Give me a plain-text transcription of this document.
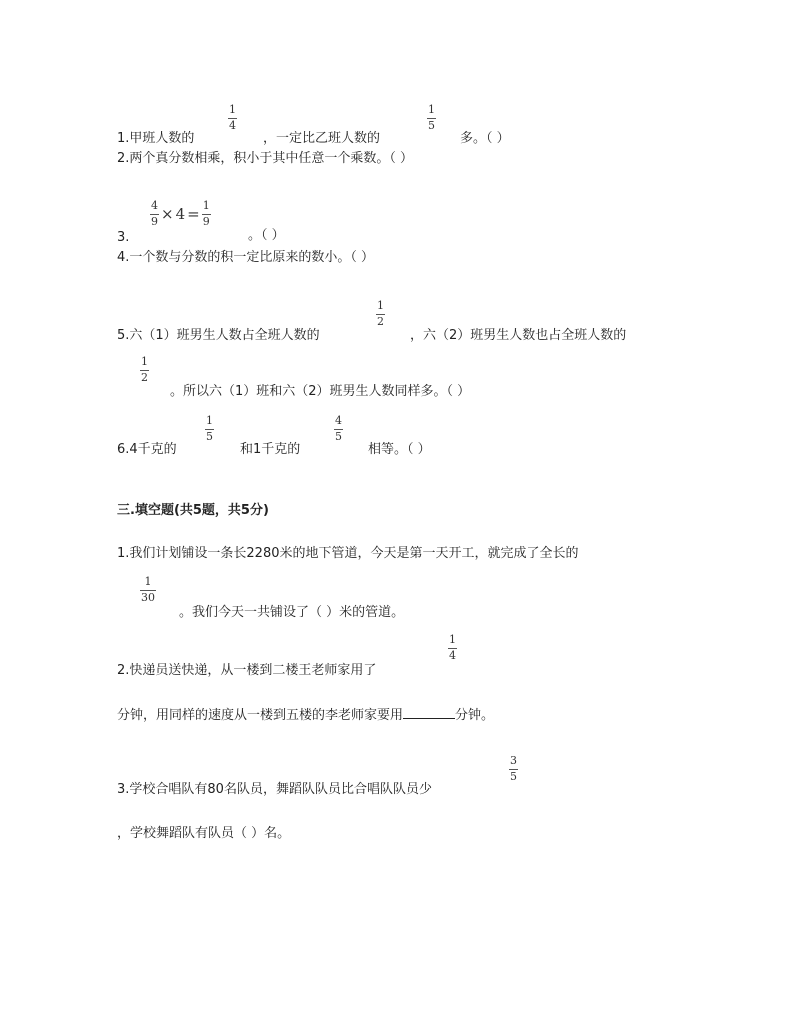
1.甲班人数的
1
4
，一定比乙班人数的
1
5
多。（ ）
2.两个真分数相乘，积小于其中任意一个乘数。（ ）
$\frac{4}{9} \times 4 = \frac{1}{9}$
3.	。（ ）
4.一个数与分数的积一定比原来的数小。（ ）
5.六（1）班男生人数占全班人数的
1
2
，六（2）班男生人数也占全班人数的
1
2
。所以六（1）班和六（2）班男生人数同样多。（ ）
6.4千克的
1
5
和1千克的
4
5
相等。（ ）
三.填空题(共5题，共5分)
1.我们计划铺设一条长2280米的地下管道，今天是第一天开工，就完成了全长的
1
30
。我们今天一共铺设了（ ）米的管道。
2.快递员送快递，从一楼到二楼王老师家用了
1
4
分钟，用同样的速度从一楼到五楼的李老师家要用	分钟。
3.学校合唱队有80名队员，舞蹈队队员比合唱队队员少
3
5
，学校舞蹈队有队员（ ）名。
